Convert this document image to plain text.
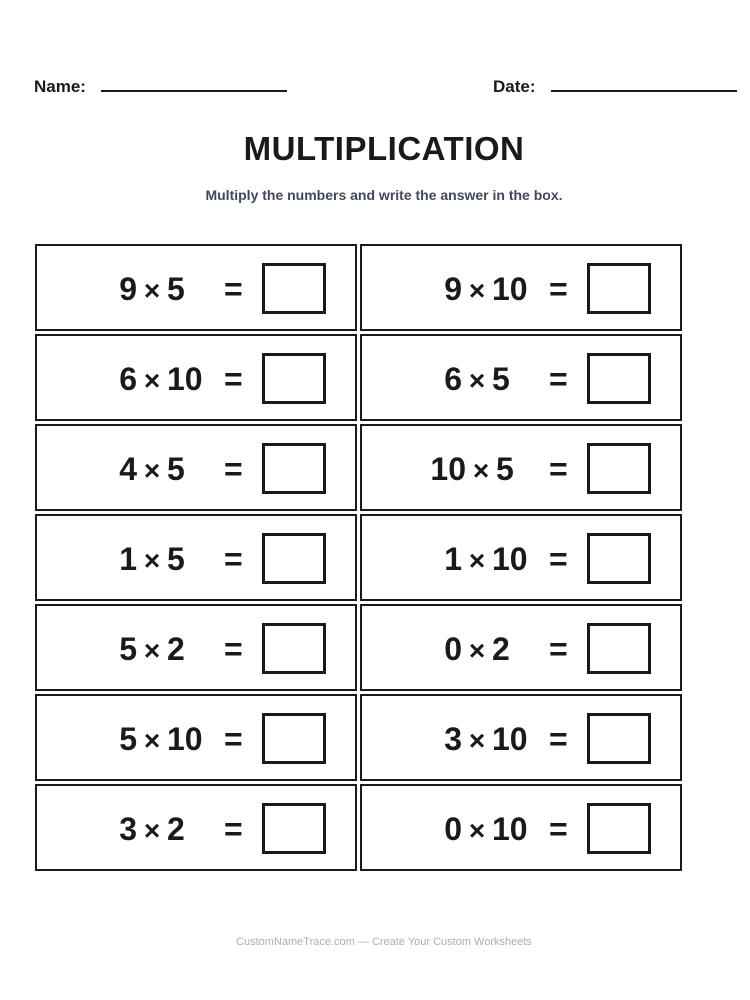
Name:	Date:
MULTIPLICATION
Multiply the numbers and write the answer in the box.
9 × 5	=	9 × 10 =
6 × 10 =	6 × 5	=
4 × 5	=	10 × 5	=
1 × 5	=	1 × 10 =
5 × 2	=	0 × 2	=
5 × 10 =	3 × 10 =
3 × 2	=	0 × 10 =
CustomNameTrace.com — Create Your Custom Worksheets
